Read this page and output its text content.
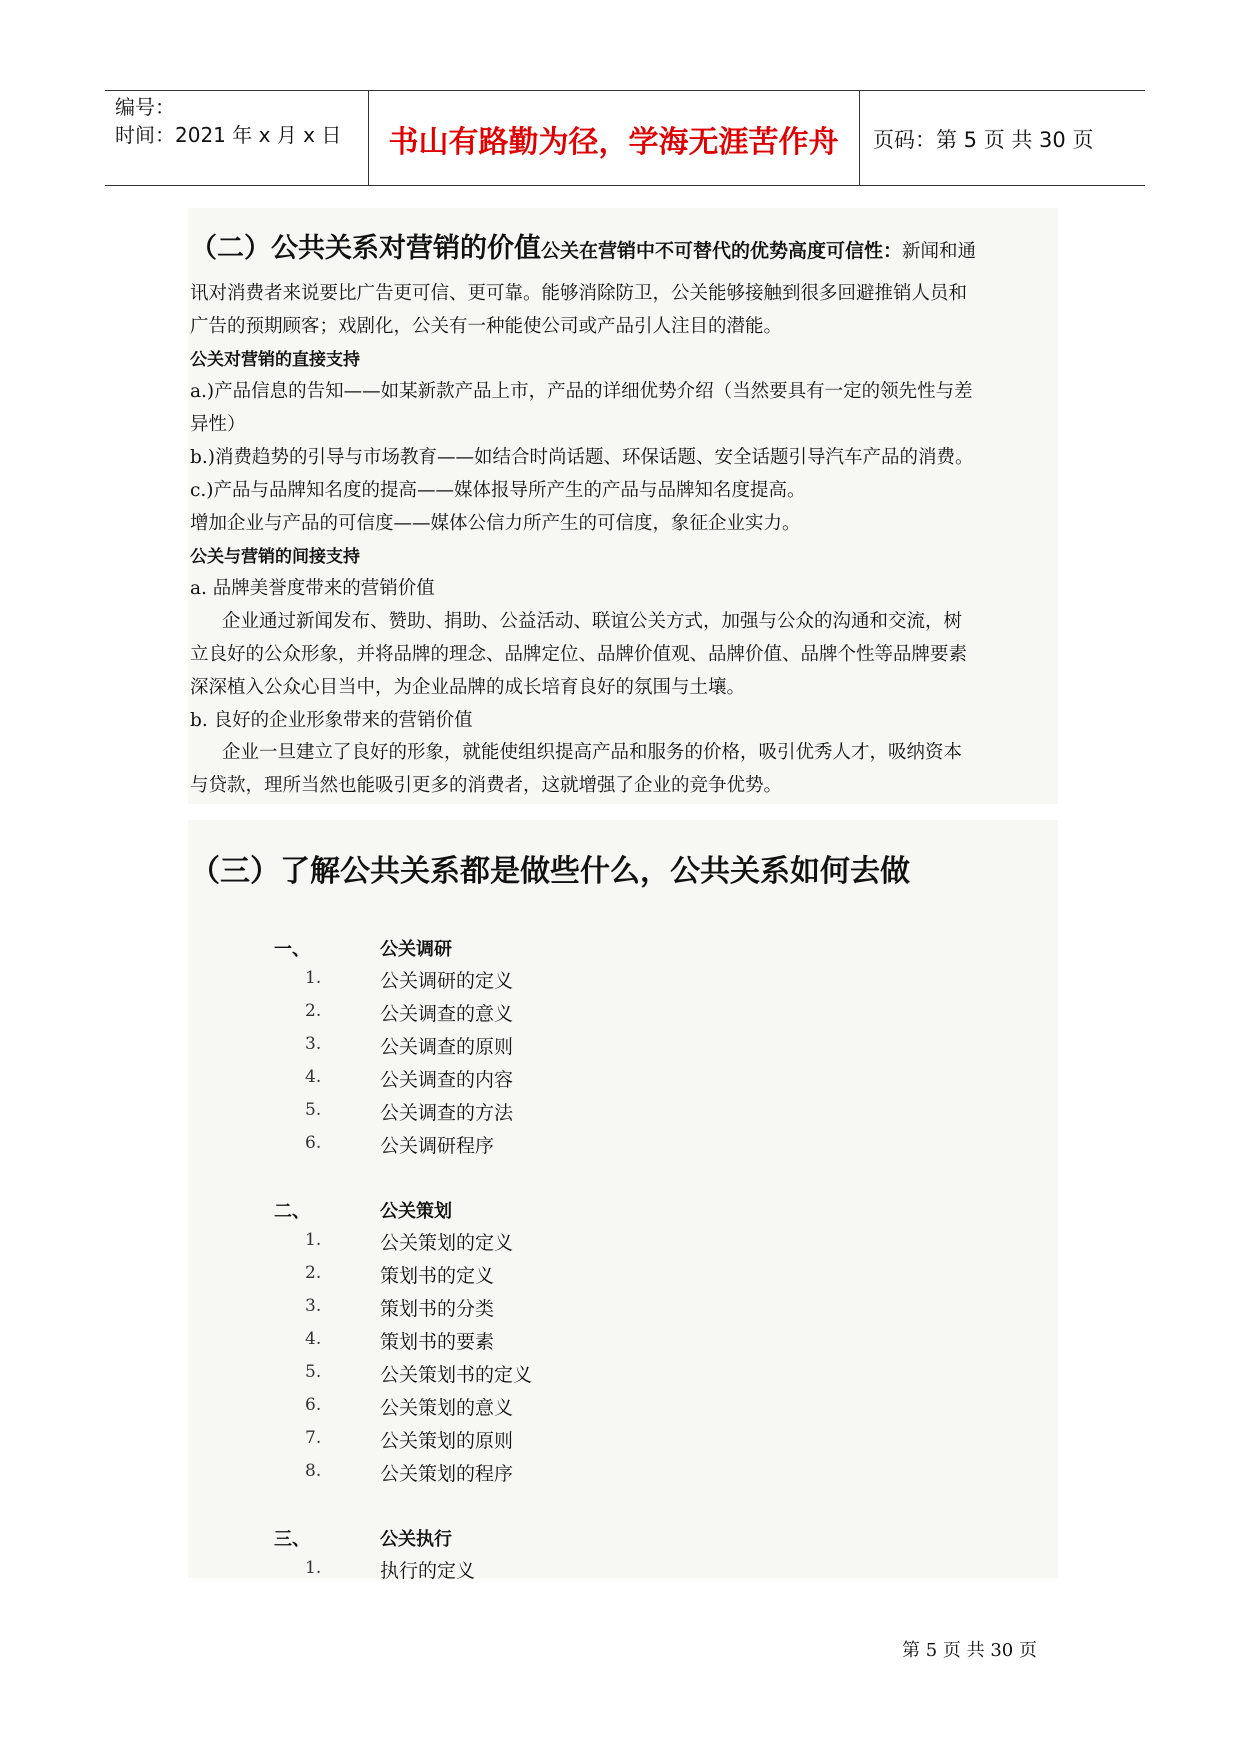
编号：
时间：2021 年 x 月 x 日	书山有路勤为径，学海无涯苦作舟	页码：第 5 页 共 30 页
（二）公共关系对营销的价值公关在营销中不可替代的优势高度可信性：新闻和通
讯对消费者来说要比广告更可信、更可靠。能够消除防卫，公关能够接触到很多回避推销人员和
广告的预期顾客；戏剧化，公关有一种能使公司或产品引人注目的潜能。
公关对营销的直接支持
a.)产品信息的告知——如某新款产品上市，产品的详细优势介绍（当然要具有一定的领先性与差
异性）
b.)消费趋势的引导与市场教育——如结合时尚话题、环保话题、安全话题引导汽车产品的消费。
c.)产品与品牌知名度的提高——媒体报导所产生的产品与品牌知名度提高。
增加企业与产品的可信度——媒体公信力所产生的可信度，象征企业实力。
公关与营销的间接支持
a. 品牌美誉度带来的营销价值
企业通过新闻发布、赞助、捐助、公益活动、联谊公关方式，加强与公众的沟通和交流，树
立良好的公众形象，并将品牌的理念、品牌定位、品牌价值观、品牌价值、品牌个性等品牌要素
深深植入公众心目当中，为企业品牌的成长培育良好的氛围与土壤。
b. 良好的企业形象带来的营销价值
企业一旦建立了良好的形象，就能使组织提高产品和服务的价格，吸引优秀人才，吸纳资本
与贷款，理所当然也能吸引更多的消费者，这就增强了企业的竞争优势。
（三）了解公共关系都是做些什么，公共关系如何去做
一、	公关调研
1.	公关调研的定义
2.	公关调查的意义
3.	公关调查的原则
4.	公关调查的内容
5.	公关调查的方法
6.	公关调研程序
二、	公关策划
1.	公关策划的定义
2.	策划书的定义
3.	策划书的分类
4.	策划书的要素
5.	公关策划书的定义
6.	公关策划的意义
7.	公关策划的原则
8.	公关策划的程序
三、	公关执行
1.	执行的定义
第 5 页 共 30 页
